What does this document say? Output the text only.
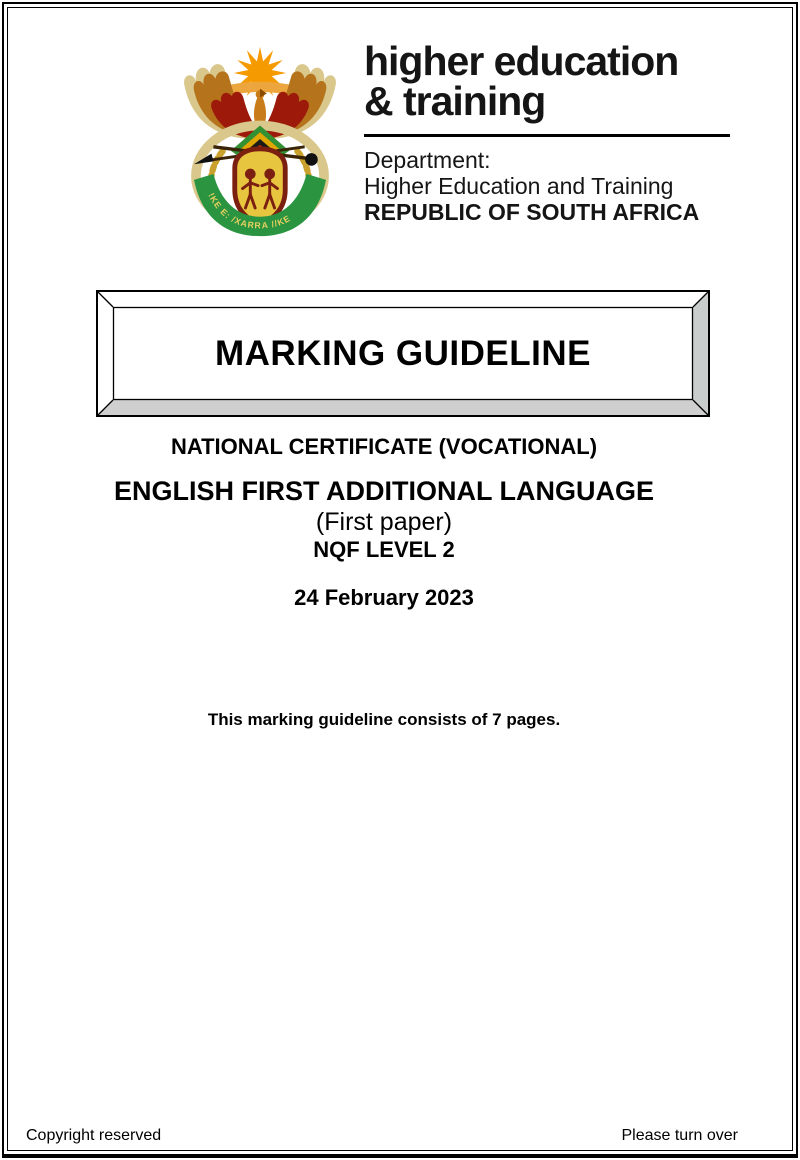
!KE E: /XARRA //KE
higher education
& training
Department:
Higher Education and Training
REPUBLIC OF SOUTH AFRICA
MARKING GUIDELINE
NATIONAL CERTIFICATE (VOCATIONAL)
ENGLISH FIRST ADDITIONAL LANGUAGE
(First paper)
NQF LEVEL 2
24 February 2023
This marking guideline consists of 7 pages.
Copyright reserved	Please turn over
